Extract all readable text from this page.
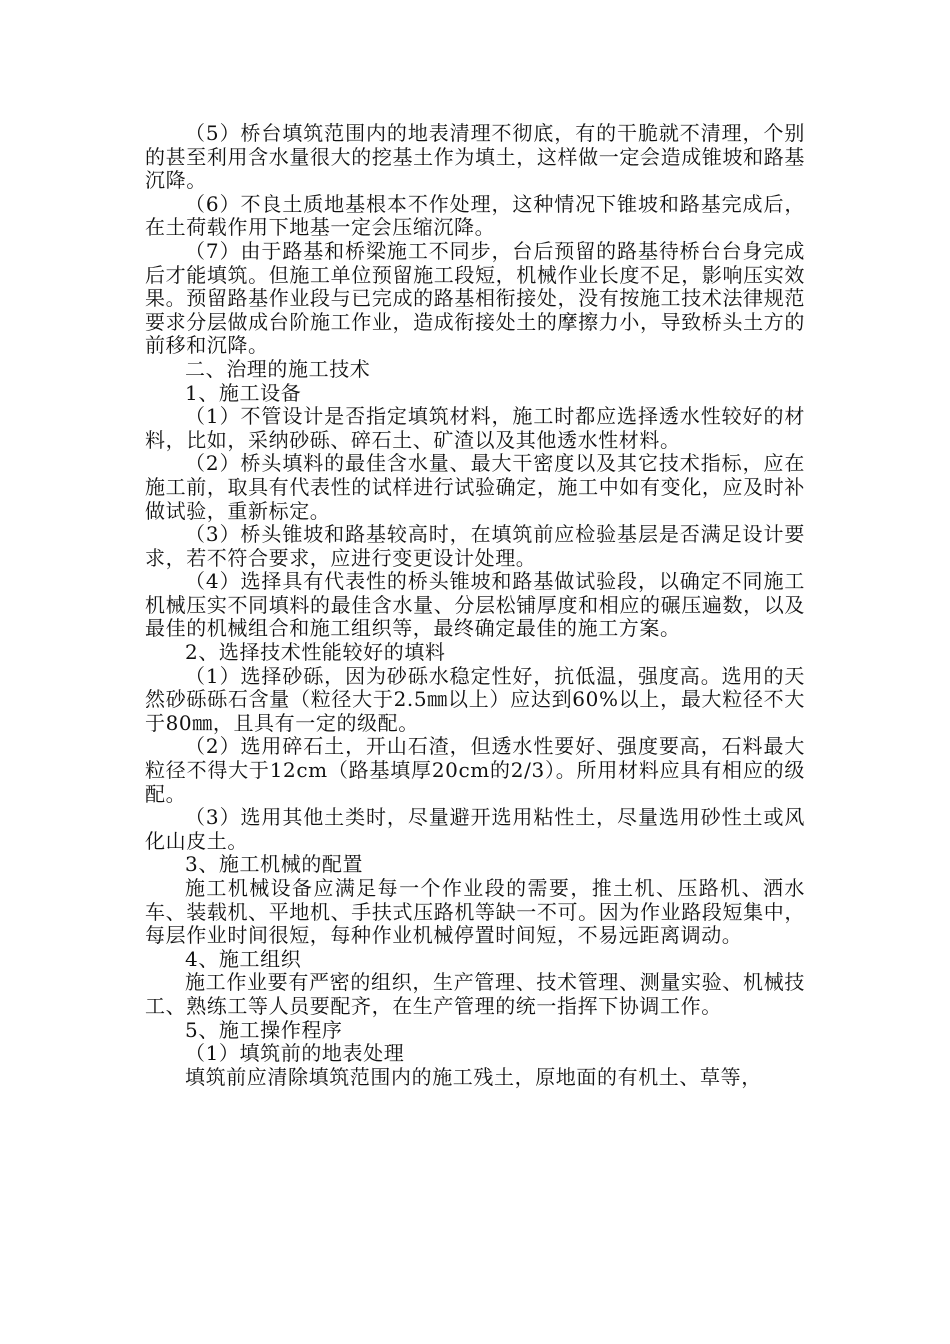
（5）桥台填筑范围内的地表清理不彻底，有的干脆就不清理，个别的甚至利用含水量很大的挖基土作为填土，这样做一定会造成锥坡和路基沉降。

（6）不良土质地基根本不作处理，这种情况下锥坡和路基完成后，在土荷载作用下地基一定会压缩沉降。

（7）由于路基和桥梁施工不同步，台后预留的路基待桥台台身完成后才能填筑。但施工单位预留施工段短，机械作业长度不足，影响压实效果。预留路基作业段与已完成的路基相衔接处，没有按施工技术法律规范要求分层做成台阶施工作业，造成衔接处土的摩擦力小，导致桥头土方的前移和沉降。

二、治理的施工技术

1、施工设备

（1）不管设计是否指定填筑材料，施工时都应选择透水性较好的材料，比如，采纳砂砾、碎石土、矿渣以及其他透水性材料。

（2）桥头填料的最佳含水量、最大干密度以及其它技术指标，应在施工前，取具有代表性的试样进行试验确定，施工中如有变化，应及时补做试验，重新标定。

（3）桥头锥坡和路基较高时，在填筑前应检验基层是否满足设计要求，若不符合要求，应进行变更设计处理。

（4）选择具有代表性的桥头锥坡和路基做试验段，以确定不同施工机械压实不同填料的最佳含水量、分层松铺厚度和相应的碾压遍数，以及最佳的机械组合和施工组织等，最终确定最佳的施工方案。

2、选择技术性能较好的填料

（1）选择砂砾，因为砂砾水稳定性好，抗低温，强度高。选用的天然砂砾砾石含量（粒径大于2.5㎜以上）应达到60%以上，最大粒径不大于80㎜，且具有一定的级配。

（2）选用碎石土，开山石渣，但透水性要好、强度要高，石料最大粒径不得大于12cm（路基填厚20cm的2/3）。所用材料应具有相应的级配。

（3）选用其他土类时，尽量避开选用粘性土，尽量选用砂性土或风化山皮土。

3、施工机械的配置

施工机械设备应满足每一个作业段的需要，推土机、压路机、洒水车、装载机、平地机、手扶式压路机等缺一不可。因为作业路段短集中，每层作业时间很短，每种作业机械停置时间短，不易远距离调动。

4、施工组织

施工作业要有严密的组织，生产管理、技术管理、测量实验、机械技工、熟练工等人员要配齐，在生产管理的统一指挥下协调工作。

5、施工操作程序

（1）填筑前的地表处理

填筑前应清除填筑范围内的施工残土，原地面的有机土、草等，
